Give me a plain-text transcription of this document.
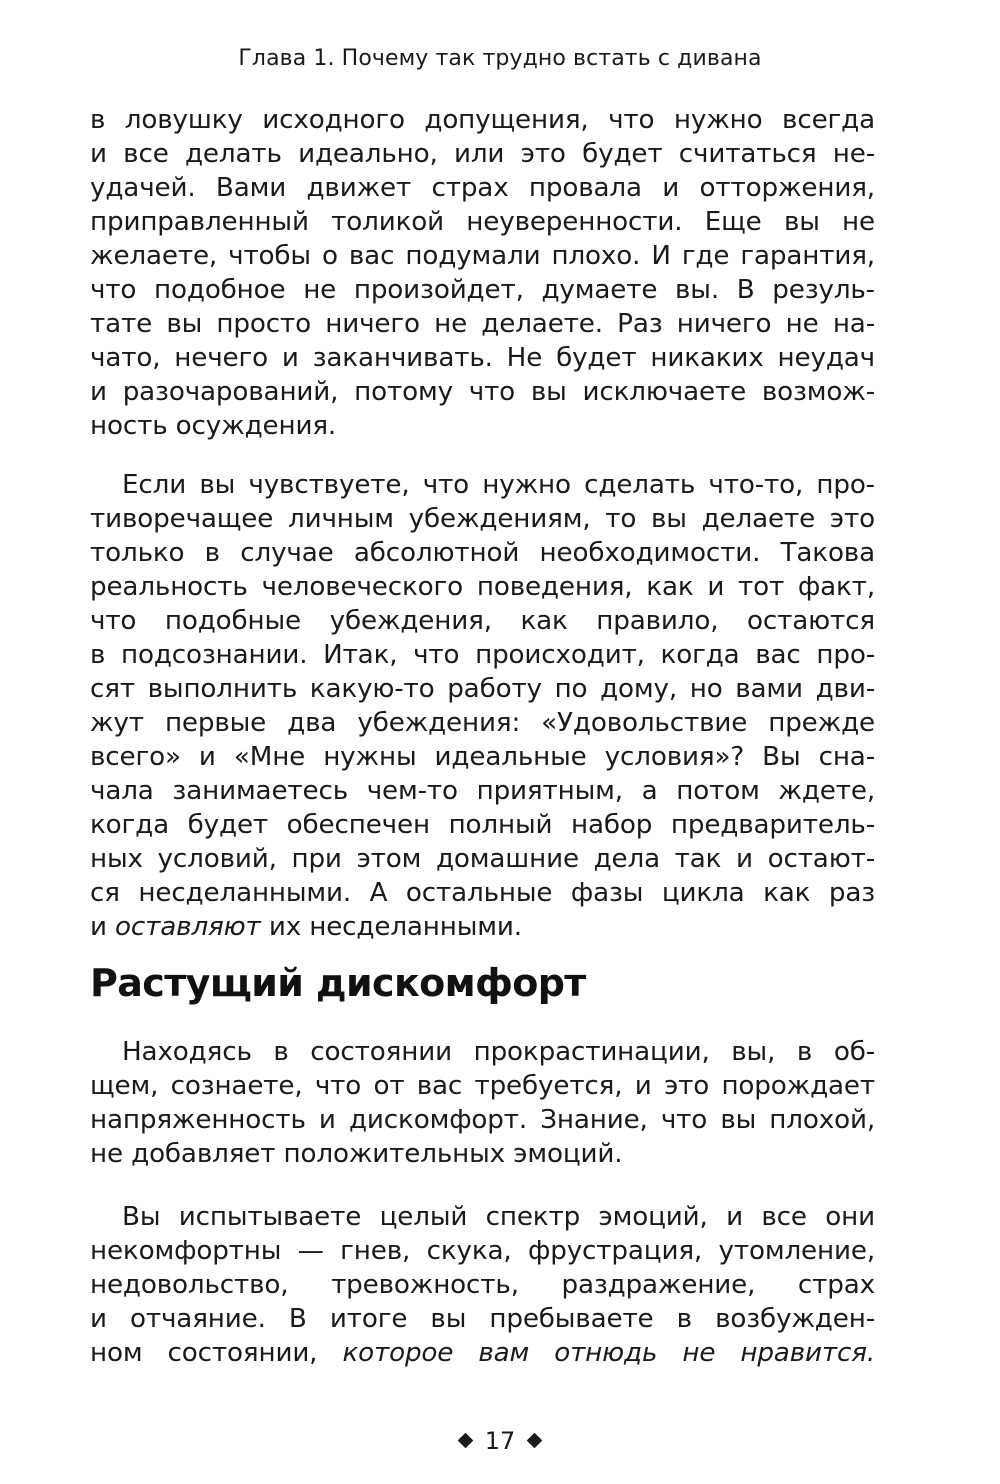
Глава 1. Почему так трудно встать с дивана
в ловушку исходного допущения, что нужно всегда
и все делать идеально, или это будет считаться не-
удачей. Вами движет страх провала и отторжения,
приправленный толикой неуверенности. Еще вы не
желаете, чтобы о вас подумали плохо. И где гарантия,
что подобное не произойдет, думаете вы. В резуль-
тате вы просто ничего не делаете. Раз ничего не на-
чато, нечего и заканчивать. Не будет никаких неудач
и разочарований, потому что вы исключаете возмож-
ность осуждения.
Если вы чувствуете, что нужно сделать что-то, про-
тиворечащее личным убеждениям, то вы делаете это
только в случае абсолютной необходимости. Такова
реальность человеческого поведения, как и тот факт,
что подобные убеждения, как правило, остаются
в подсознании. Итак, что происходит, когда вас про-
сят выполнить какую-то работу по дому, но вами дви-
жут первые два убеждения: «Удовольствие прежде
всего» и «Мне нужны идеальные условия»? Вы сна-
чала занимаетесь чем-то приятным, а потом ждете,
когда будет обеспечен полный набор предваритель-
ных условий, при этом домашние дела так и остают-
ся несделанными. А остальные фазы цикла как раз
и оставляют их несделанными.
Растущий дискомфорт
Находясь в состоянии прокрастинации, вы, в об-
щем, сознаете, что от вас требуется, и это порождает
напряженность и дискомфорт. Знание, что вы плохой,
не добавляет положительных эмоций.
Вы испытываете целый спектр эмоций, и все они
некомфортны — гнев, скука, фрустрация, утомление,
недовольство, тревожность, раздражение, страх
и отчаяние. В итоге вы пребываете в возбужден-
ном состоянии, которое вам отнюдь не нравится.
17
